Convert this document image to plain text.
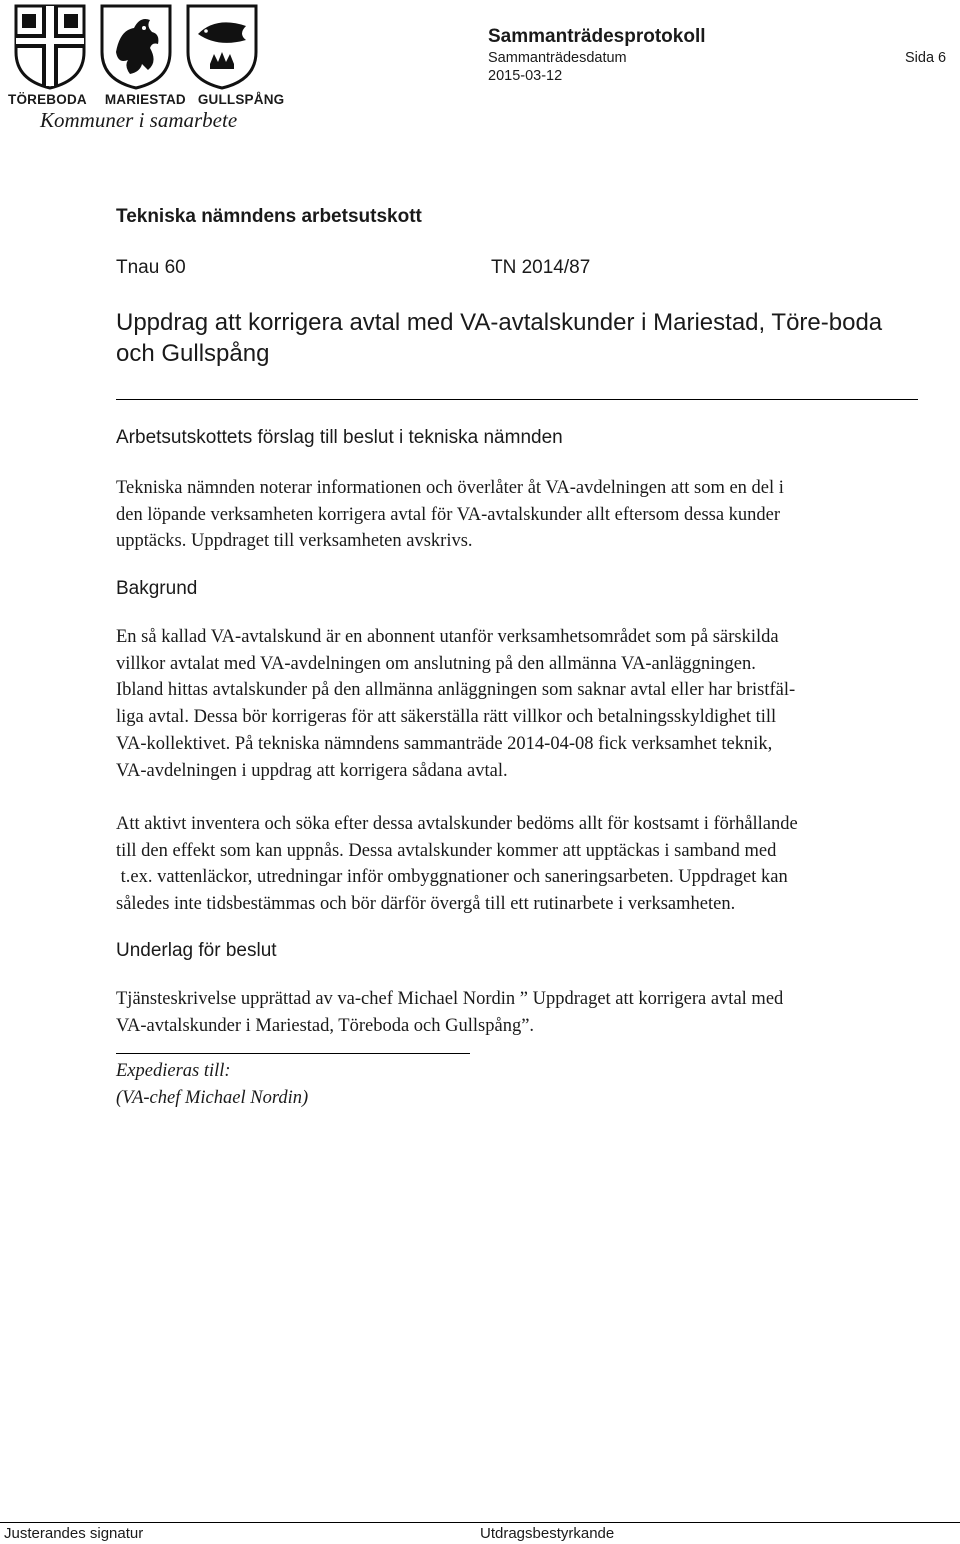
TÖREBODA MARIESTAD GULLSPÅNG
Kommuner i samarbete
Sammanträdesprotokoll
Sammanträdesdatum
2015-03-12
Sida 6
Tekniska nämndens arbetsutskott
Tnau 60	TN 2014/87
Uppdrag att korrigera avtal med VA-avtalskunder i Mariestad, Töre-boda och Gullspång
Arbetsutskottets förslag till beslut i tekniska nämnden
Tekniska nämnden noterar informationen och överlåter åt VA-avdelningen att som en del i
den löpande verksamheten korrigera avtal för VA-avtalskunder allt eftersom dessa kunder
upptäcks. Uppdraget till verksamheten avskrivs.
Bakgrund
En så kallad VA-avtalskund är en abonnent utanför verksamhetsområdet som på särskilda
villkor avtalat med VA-avdelningen om anslutning på den allmänna VA-anläggningen.
Ibland hittas avtalskunder på den allmänna anläggningen som saknar avtal eller har bristfäl-
liga avtal. Dessa bör korrigeras för att säkerställa rätt villkor och betalningsskyldighet till
VA-kollektivet. På tekniska nämndens sammanträde 2014-04-08 fick verksamhet teknik,
VA-avdelningen i uppdrag att korrigera sådana avtal.
Att aktivt inventera och söka efter dessa avtalskunder bedöms allt för kostsamt i förhållande
till den effekt som kan uppnås. Dessa avtalskunder kommer att upptäckas i samband med
t.ex. vattenläckor, utredningar inför ombyggnationer och saneringsarbeten. Uppdraget kan
således inte tidsbestämmas och bör därför övergå till ett rutinarbete i verksamheten.
Underlag för beslut
Tjänsteskrivelse upprättad av va-chef Michael Nordin ” Uppdraget att korrigera avtal med
VA-avtalskunder i Mariestad, Töreboda och Gullspång”.
Expedieras till:
(VA-chef Michael Nordin)
Justerandes signatur	Utdragsbestyrkande
